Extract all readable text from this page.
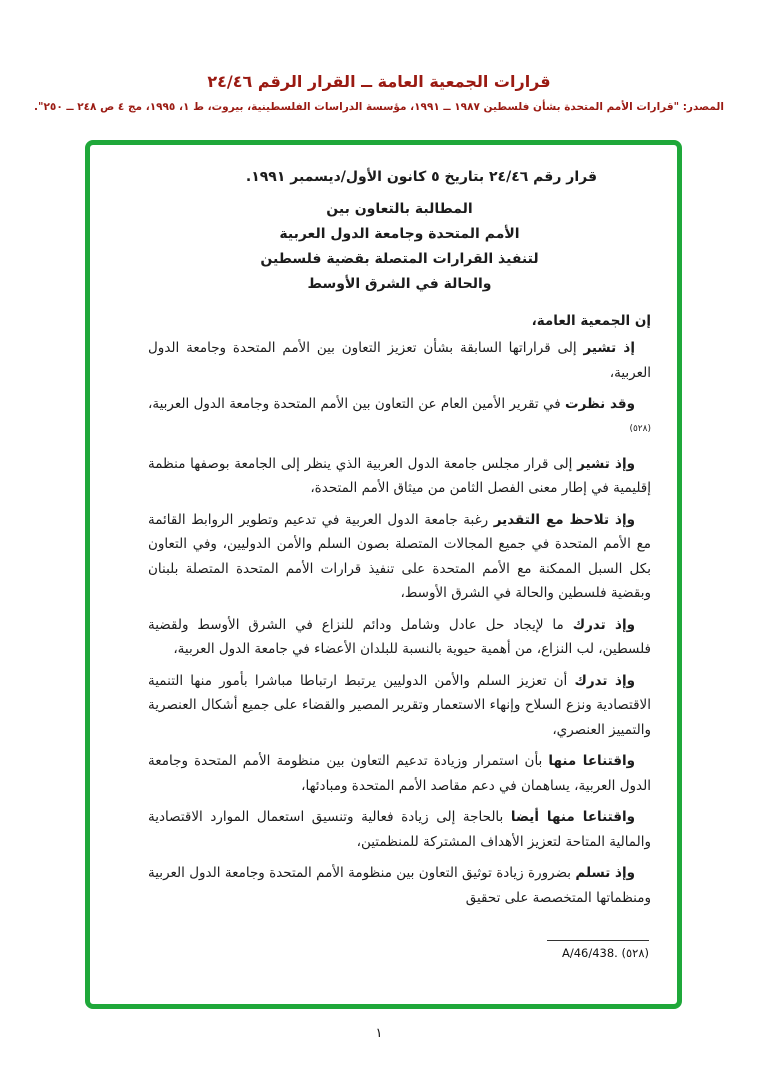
قرارات الجمعية العامة ــ القرار الرقم ٢٤/٤٦
المصدر: "قرارات الأمم المتحدة بشأن فلسطين ١٩٨٧ ــ ١٩٩١، مؤسسة الدراسات الفلسطينية، بيروت، ط ١، ١٩٩٥، مج ٤ ص ٢٤٨ ــ ٢٥٠".
قرار رقم ٢٤/٤٦ بتاريخ ٥ كانون الأول/ديسمبر ١٩٩١.
المطالبة بالتعاون بين
الأمم المتحدة وجامعة الدول العربية
لتنفيذ القرارات المتصلة بقضية فلسطين
والحالة في الشرق الأوسط
إن الجمعية العامة،

إذ تشير إلى قراراتها السابقة بشأن تعزيز التعاون بين الأمم المتحدة وجامعة الدول العربية،

وقد نظرت في تقرير الأمين العام عن التعاون بين الأمم المتحدة وجامعة الدول العربية،$^{(٥٢٨)}$

وإذ تشير إلى قرار مجلس جامعة الدول العربية الذي ينظر إلى الجامعة بوصفها منظمة إقليمية في إطار معنى الفصل الثامن من ميثاق الأمم المتحدة،

وإذ تلاحظ مع التقدير رغبة جامعة الدول العربية في تدعيم وتطوير الروابط القائمة مع الأمم المتحدة في جميع المجالات المتصلة بصون السلم والأمن الدوليين، وفي التعاون بكل السبل الممكنة مع الأمم المتحدة على تنفيذ قرارات الأمم المتحدة المتصلة بلبنان وبقضية فلسطين والحالة في الشرق الأوسط،

وإذ تدرك ما لإيجاد حل عادل وشامل ودائم للنزاع في الشرق الأوسط ولقضية فلسطين، لب النزاع، من أهمية حيوية بالنسبة للبلدان الأعضاء في جامعة الدول العربية،

وإذ تدرك أن تعزيز السلم والأمن الدوليين يرتبط ارتباطا مباشرا بأمور منها التنمية الاقتصادية ونزع السلاح وإنهاء الاستعمار وتقرير المصير والقضاء على جميع أشكال العنصرية والتمييز العنصري،

واقتناعا منها بأن استمرار وزيادة تدعيم التعاون بين منظومة الأمم المتحدة وجامعة الدول العربية، يساهمان في دعم مقاصد الأمم المتحدة ومبادئها،

واقتناعا منها أيضا بالحاجة إلى زيادة فعالية وتنسيق استعمال الموارد الاقتصادية والمالية المتاحة لتعزيز الأهداف المشتركة للمنظمتين،

وإذ تسلم بضرورة زيادة توثيق التعاون بين منظومة الأمم المتحدة وجامعة الدول العربية ومنظماتها المتخصصة على تحقيق

(٥٢٨) A/46/438.
١
